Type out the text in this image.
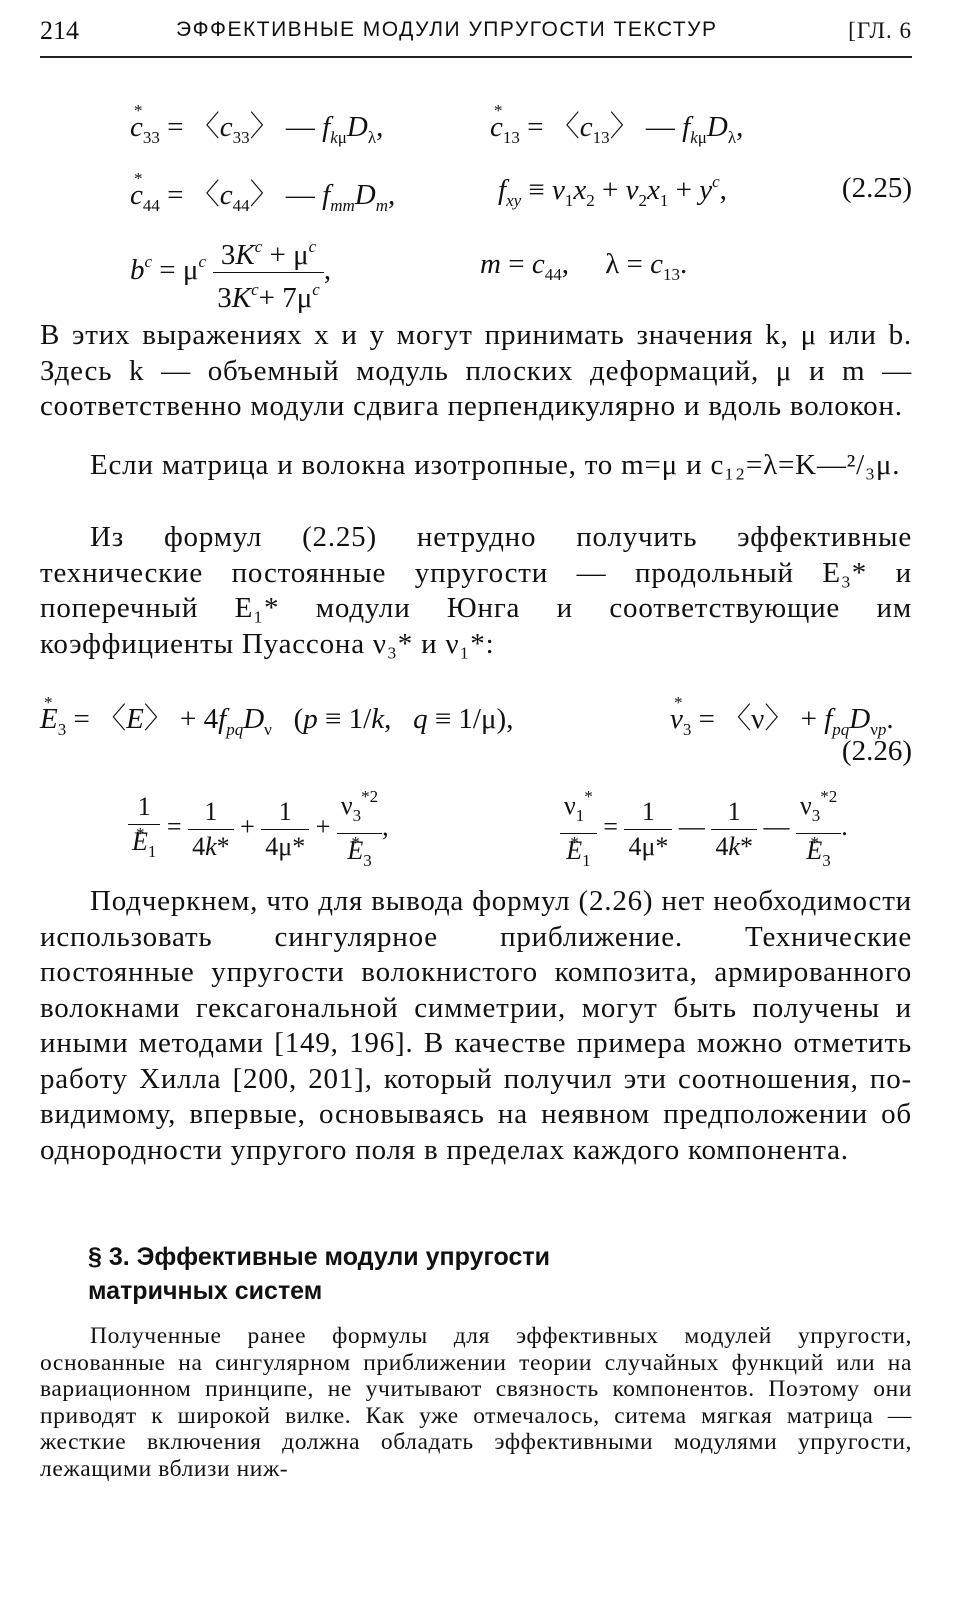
214	ЭФФЕКТИВНЫЕ МОДУЛИ УПРУГОСТИ ТЕКСТУР	[ГЛ. 6
c $*_{33}$ = 〈$c_{33}$〉 — $f_{k\mu}D_\lambda$,	c $*_{13}$ = 〈$c_{13}$〉 — $f_{k\mu}D_\lambda$,
c $*_{44}$ = 〈$c_{44}$〉 — $f_{mm}D_m$,	$f_{xy} \equiv v_1x_2 + v_2x_1 + y^c$,	(2.25)
$b^c = \mu^c \frac{3K^c + \mu^c}{3K^c+ 7\mu^c}$ ,	$m = c_{44}$,     $\lambda = c_{13}$.
В этих выражениях x и y могут принимать значения k, μ или b. Здесь k — объемный модуль плоских деформаций, μ и m — соответственно модули сдвига перпендикулярно и вдоль волокон.
Если матрица и волокна изотропные, то m=μ и c₁₂=λ=K—²/₃μ.
Из формул (2.25) нетрудно получить эффективные технические постоянные упругости — продольный E₃* и поперечный E₁* модули Юнга и соответствующие им коэффициенты Пуассона ν₃* и ν₁*:
E $*_3$ = 〈E〉 + $4f_{pq}D_\nu$   (p ≡ 1/k,   q ≡ 1/μ),	ν $*_3$ = 〈ν〉 + $f_{pq}D_{\nu p}$.
(2.26)
$\frac{1}{E *_1} = \frac{1}{4k*} + \frac{1}{4\mu*} + \frac{\nu_3^{*2}}{E *_3}$ ,	$\frac{\nu_1^*}{E *_1} = \frac{1}{4\mu*}$ — $\frac{1}{4k*}$ — $\frac{\nu_3^{*2}}{E *_3}$ .
Подчеркнем, что для вывода формул (2.26) нет необходимости использовать сингулярное приближение. Технические постоянные упругости волокнистого композита, армированного волокнами гексагональной симметрии, могут быть получены и иными методами [149, 196]. В качестве примера можно отметить работу Хилла [200, 201], который получил эти соотношения, по-видимому, впервые, основываясь на неявном предположении об однородности упругого поля в пределах каждого компонента.
§ 3. Эффективные модули упругости
матричных систем
Полученные ранее формулы для эффективных модулей упругости, основанные на сингулярном приближении теории случайных функций или на вариационном принципе, не учитывают связность компонентов. Поэтому они приводят к широкой вилке. Как уже отмечалось, ситема мягкая матрица — жесткие включения должна обладать эффективными модулями упругости, лежащими вблизи ниж-
